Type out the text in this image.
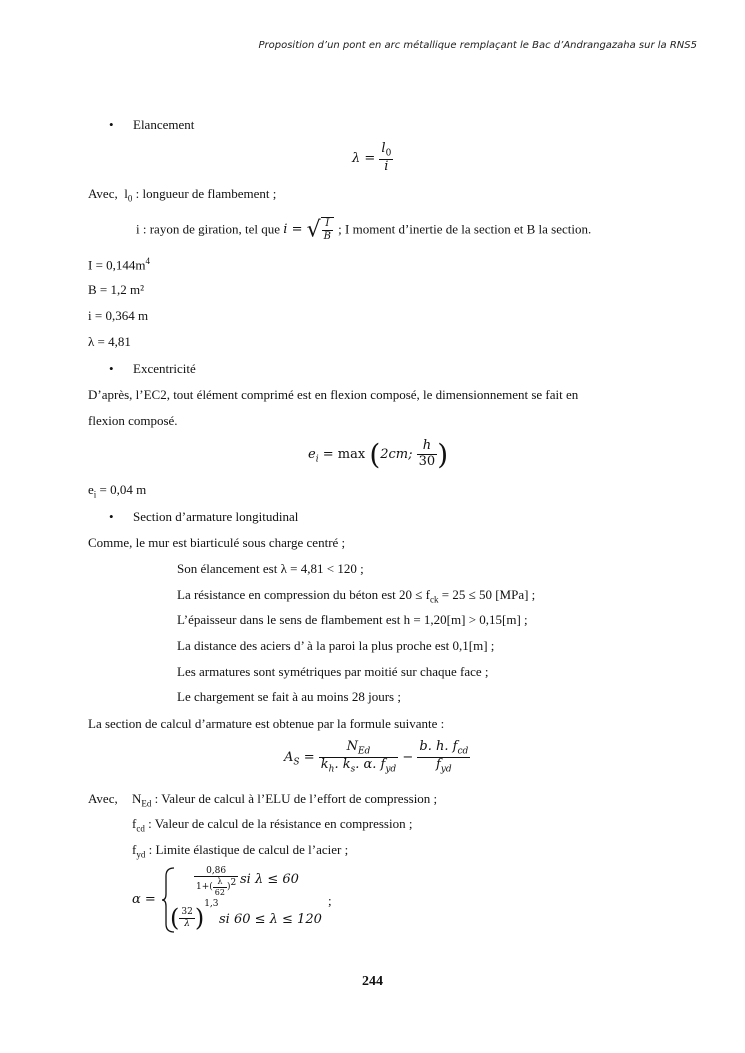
Proposition d’un pont en arc métallique remplaçant le Bac d’Andrangazaha sur la RNS5
• Elancement
$\lambda = \frac{l_0}{i}$
Avec, $l_0$ : longueur de flambement ;
i : rayon de giration, tel que i = √ $\frac{I}{B}$ ; I moment d’inertie de la section et B la section.
$I = 0,144m^4$
B = 1,2 m²
i = 0,364 m
λ = 4,81
• Excentricité
D’après, l’EC2, tout élément comprimé est en flexion composé, le dimensionnement se fait en
flexion composé.
$e_i = \max (2cm$; $\frac{h}{30}$ )
$e_i = 0,04$ m
• Section d’armature longitudinal
Comme, le mur est biarticulé sous charge centré ;
Son élancement est λ = 4,81 < 120 ;
La résistance en compression du béton est $20 \le f_{ck} = 25 \le 50$ [MPa] ;
L’épaisseur dans le sens de flambement est h = 1,20[m] > 0,15[m] ;
La distance des aciers d’ à la paroi la plus proche est 0,1[m] ;
Les armatures sont symétriques par moitié sur chaque face ;
Le chargement se fait à au moins 28 jours ;
La section de calcul d’armature est obtenue par la formule suivante :
$A_S = \frac{N_{Ed}}{k_h. k_s. \alpha. f_{yd}} - \frac{b. h. f_{cd}}{f_{yd}}$
Avec, $N_{Ed}$ : Valeur de calcul à l’ELU de l’effort de compression ;
$f_{cd}$ : Valeur de calcul de la résistance en compression ;
$f_{yd}$ : Limite élastique de calcul de l’acier ;
α =
$\frac{0,86}{1+( \frac{\lambda}{62} )^2}$ si λ ≤ 60
( $\frac{32}{\lambda} )^{1,3}$
si 60 ≤ λ ≤ 120
;
244
